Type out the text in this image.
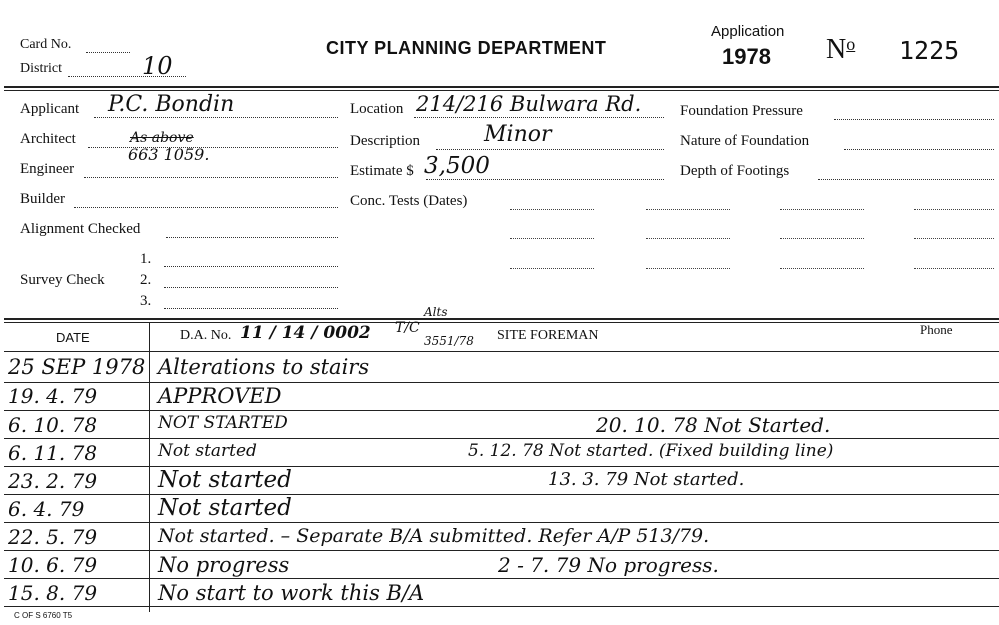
Card No.
District	10
CITY PLANNING DEPARTMENT
Application
1978 $N^o$ 1225
Applicant P.C. Bondin
Architect	As above
663 1059.
Engineer
Builder
Alignment Checked
Survey Check
1.
2.
3.
Location 214/216 Bulwara Rd.
Description	Minor
Estimate $ 3,500
Conc. Tests (Dates)
Foundation Pressure
Nature of Foundation
Depth of Footings
DATE	D.A. No. 11 / 14 / 0002 T/C
Alts
3551/78 SITE FOREMAN	Phone
25 SEP 1978 Alterations to stairs
19. 4. 79	APPROVED
6. 10. 78	NOT STARTED	20. 10. 78 Not Started.
6. 11. 78	Not started	5. 12. 78 Not started. (Fixed building line)
23. 2. 79	Not started	13. 3. 79 Not started.
6. 4. 79	Not started
22. 5. 79	Not started. – Separate B/A submitted. Refer A/P 513/79.
10. 6. 79	No progress	2 - 7. 79 No progress.
15. 8. 79	No start to work this B/A
C OF S 6760 T5
